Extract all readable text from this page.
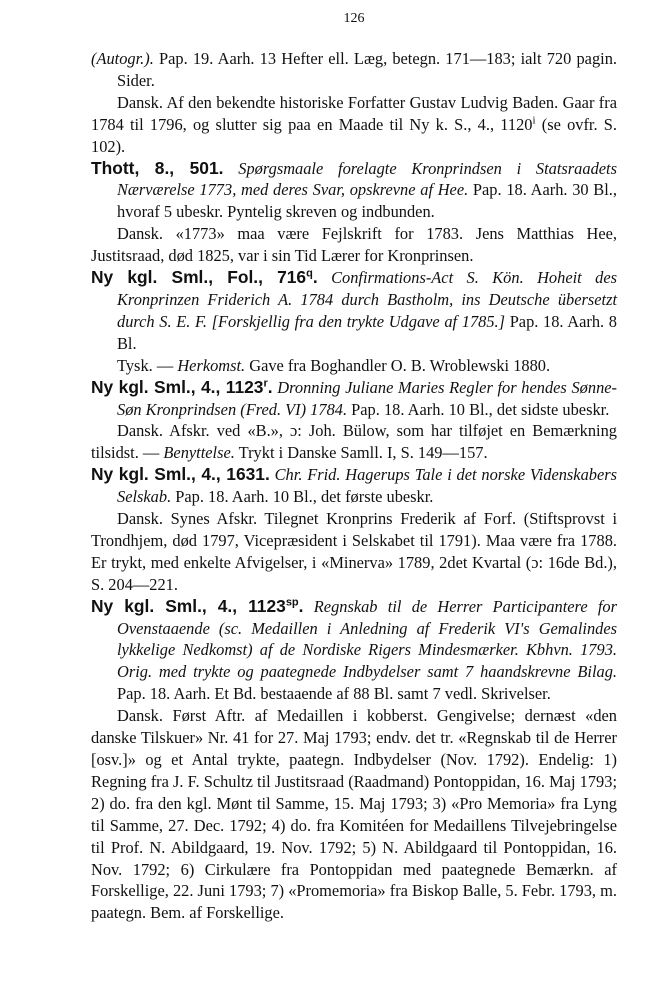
126

(Autogr.). Pap. 19. Aarh. 13 Hefter ell. Læg, betegn. 171—183; ialt 720 pagin. Sider.

Dansk. Af den bekendte historiske Forfatter Gustav Ludvig Baden. Gaar fra 1784 til 1796, og slutter sig paa en Maade til Ny k. S., 4., 1120$^i$ (se ovfr. S. 102).

Thott, 8., 501. Spørgsmaale forelagte Kronprindsen i Statsraadets Nærværelse 1773, med deres Svar, opskrevne af Hee. Pap. 18. Aarh. 30 Bl., hvoraf 5 ubeskr. Pyntelig skreven og indbunden.

Dansk. «1773» maa være Fejlskrift for 1783. Jens Matthias Hee, Justitsraad, død 1825, var i sin Tid Lærer for Kronprinsen.

Ny kgl. Sml., Fol., 716$^q$. Confirmations-Act S. Kön. Hoheit des Kronprinzen Friderich A. 1784 durch Bastholm, ins Deutsche übersetzt durch S. E. F. [Forskjellig fra den trykte Udgave af 1785.] Pap. 18. Aarh. 8 Bl.

Tysk. — Herkomst. Gave fra Boghandler O. B. Wroblewski 1880.

Ny kgl. Sml., 4., 1123$^r$. Dronning Juliane Maries Regler for hendes Sønne-Søn Kronprindsen (Fred. VI) 1784. Pap. 18. Aarh. 10 Bl., det sidste ubeskr.

Dansk. Afskr. ved «B.», ɔ: Joh. Bülow, som har tilføjet en Bemærkning tilsidst. — Benyttelse. Trykt i Danske Samll. I, S. 149—157.

Ny kgl. Sml., 4., 1631. Chr. Frid. Hagerups Tale i det norske Videnskabers Selskab. Pap. 18. Aarh. 10 Bl., det første ubeskr.

Dansk. Synes Afskr. Tilegnet Kronprins Frederik af Forf. (Stiftsprovst i Trondhjem, død 1797, Vicepræsident i Selskabet til 1791). Maa være fra 1788. Er trykt, med enkelte Afvigelser, i «Minerva» 1789, 2det Kvartal (ɔ: 16de Bd.), S. 204—221.

Ny kgl. Sml., 4., $1123^{sp}$. Regnskab til de Herrer Participantere for Ovenstaaende (sc. Medaillen i Anledning af Frederik VI's Gemalindes lykkelige Nedkomst) af de Nordiske Rigers Mindesmærker. Kbhvn. 1793. Orig. med trykte og paategnede Indbydelser samt 7 haandskrevne Bilag. Pap. 18. Aarh. Et Bd. bestaaende af 88 Bl. samt 7 vedl. Skrivelser.

Dansk. Først Aftr. af Medaillen i kobberst. Gengivelse; dernæst «den danske Tilskuer» Nr. 41 for 27. Maj 1793; endv. det tr. «Regnskab til de Herrer [osv.]» og et Antal trykte, paategn. Indbydelser (Nov. 1792). Endelig: 1) Regning fra J. F. Schultz til Justitsraad (Raadmand) Pontoppidan, 16. Maj 1793; 2) do. fra den kgl. Mønt til Samme, 15. Maj 1793; 3) «Pro Memoria» fra Lyng til Samme, 27. Dec. 1792; 4) do. fra Komitéen for Medaillens Tilvejebringelse til Prof. N. Abildgaard, 19. Nov. 1792; 5) N. Abildgaard til Pontoppidan, 16. Nov. 1792; 6) Cirkulære fra Pontoppidan med paategnede Bemærkn. af Forskellige, 22. Juni 1793; 7) «Promemoria» fra Biskop Balle, 5. Febr. 1793, m. paategn. Bem. af Forskellige.
